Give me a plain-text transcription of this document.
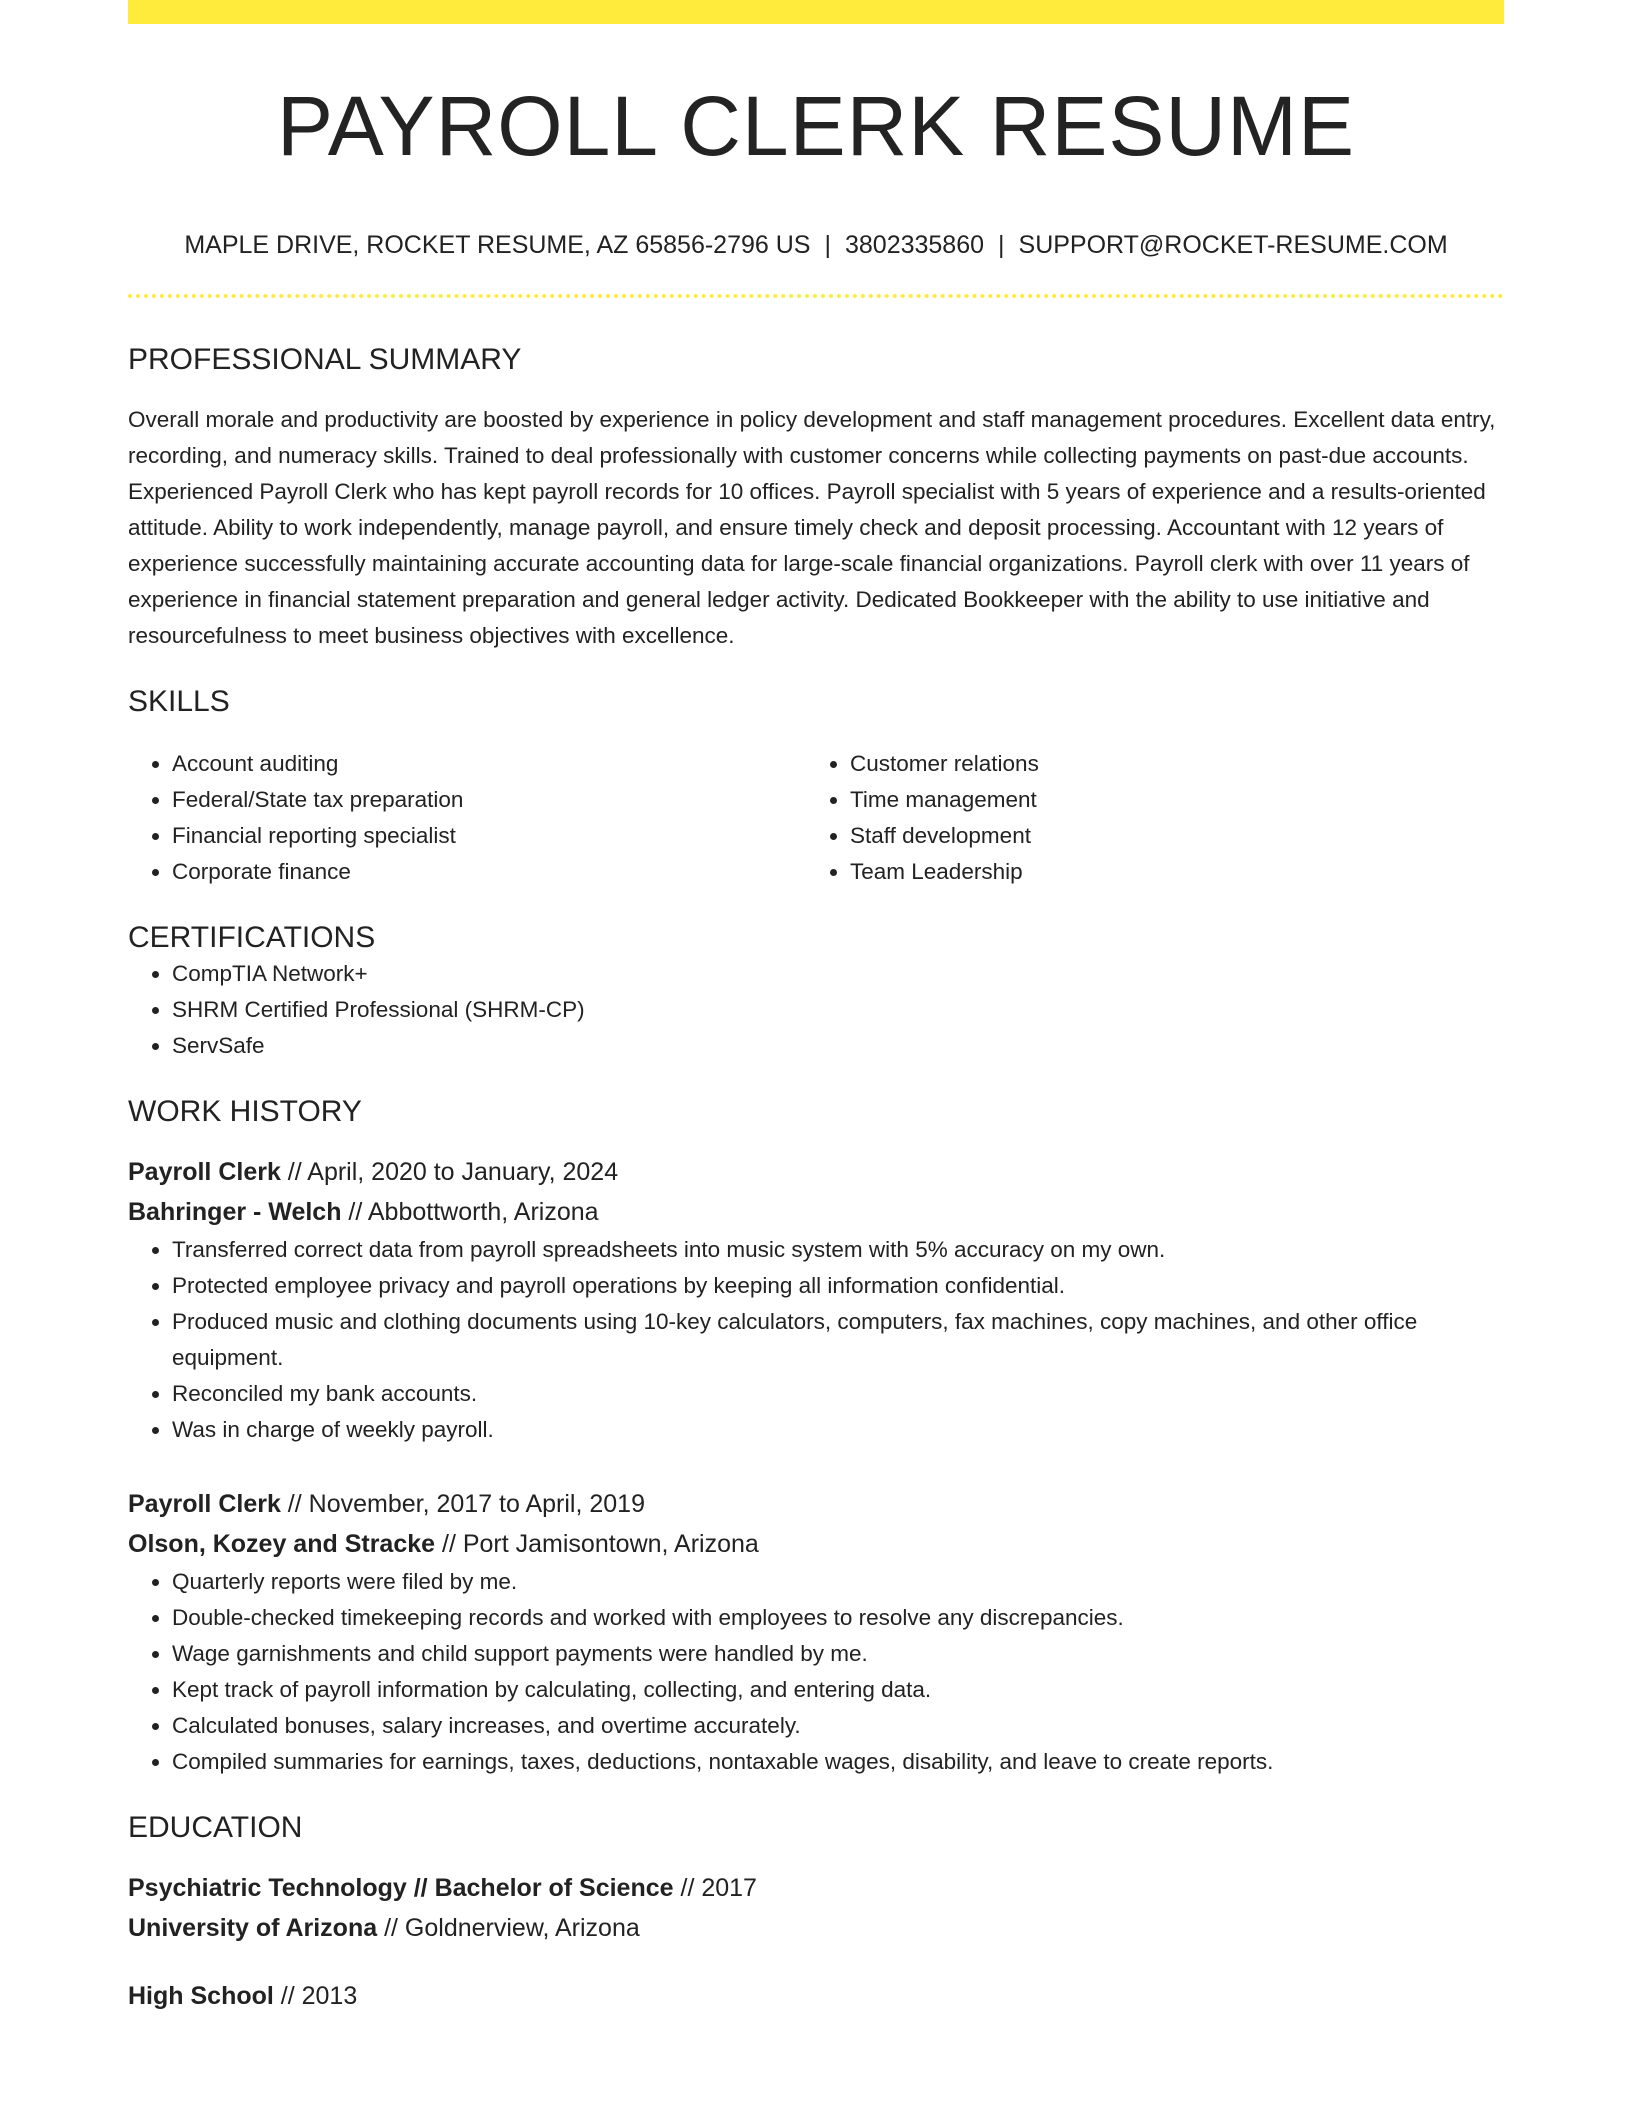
PAYROLL CLERK RESUME
MAPLE DRIVE, ROCKET RESUME, AZ 65856-2796 US | 3802335860 | SUPPORT@ROCKET-RESUME.COM
PROFESSIONAL SUMMARY
Overall morale and productivity are boosted by experience in policy development and staff management procedures. Excellent data entry, recording, and numeracy skills. Trained to deal professionally with customer concerns while collecting payments on past-due accounts. Experienced Payroll Clerk who has kept payroll records for 10 offices. Payroll specialist with 5 years of experience and a results-oriented attitude. Ability to work independently, manage payroll, and ensure timely check and deposit processing. Accountant with 12 years of experience successfully maintaining accurate accounting data for large-scale financial organizations. Payroll clerk with over 11 years of experience in financial statement preparation and general ledger activity. Dedicated Bookkeeper with the ability to use initiative and resourcefulness to meet business objectives with excellence.
SKILLS
• Account auditing
• Federal/State tax preparation
• Financial reporting specialist
• Corporate finance
• Customer relations
• Time management
• Staff development
• Team Leadership
CERTIFICATIONS
• CompTIA Network+
• SHRM Certified Professional (SHRM-CP)
• ServSafe
WORK HISTORY
Payroll Clerk // April, 2020 to January, 2024
Bahringer - Welch // Abbottworth, Arizona
• Transferred correct data from payroll spreadsheets into music system with 5% accuracy on my own.
• Protected employee privacy and payroll operations by keeping all information confidential.
• Produced music and clothing documents using 10-key calculators, computers, fax machines, copy machines, and other office equipment.
• Reconciled my bank accounts.
• Was in charge of weekly payroll.
Payroll Clerk // November, 2017 to April, 2019
Olson, Kozey and Stracke // Port Jamisontown, Arizona
• Quarterly reports were filed by me.
• Double-checked timekeeping records and worked with employees to resolve any discrepancies.
• Wage garnishments and child support payments were handled by me.
• Kept track of payroll information by calculating, collecting, and entering data.
• Calculated bonuses, salary increases, and overtime accurately.
• Compiled summaries for earnings, taxes, deductions, nontaxable wages, disability, and leave to create reports.
EDUCATION
Psychiatric Technology // Bachelor of Science // 2017
University of Arizona // Goldnerview, Arizona
High School // 2013
